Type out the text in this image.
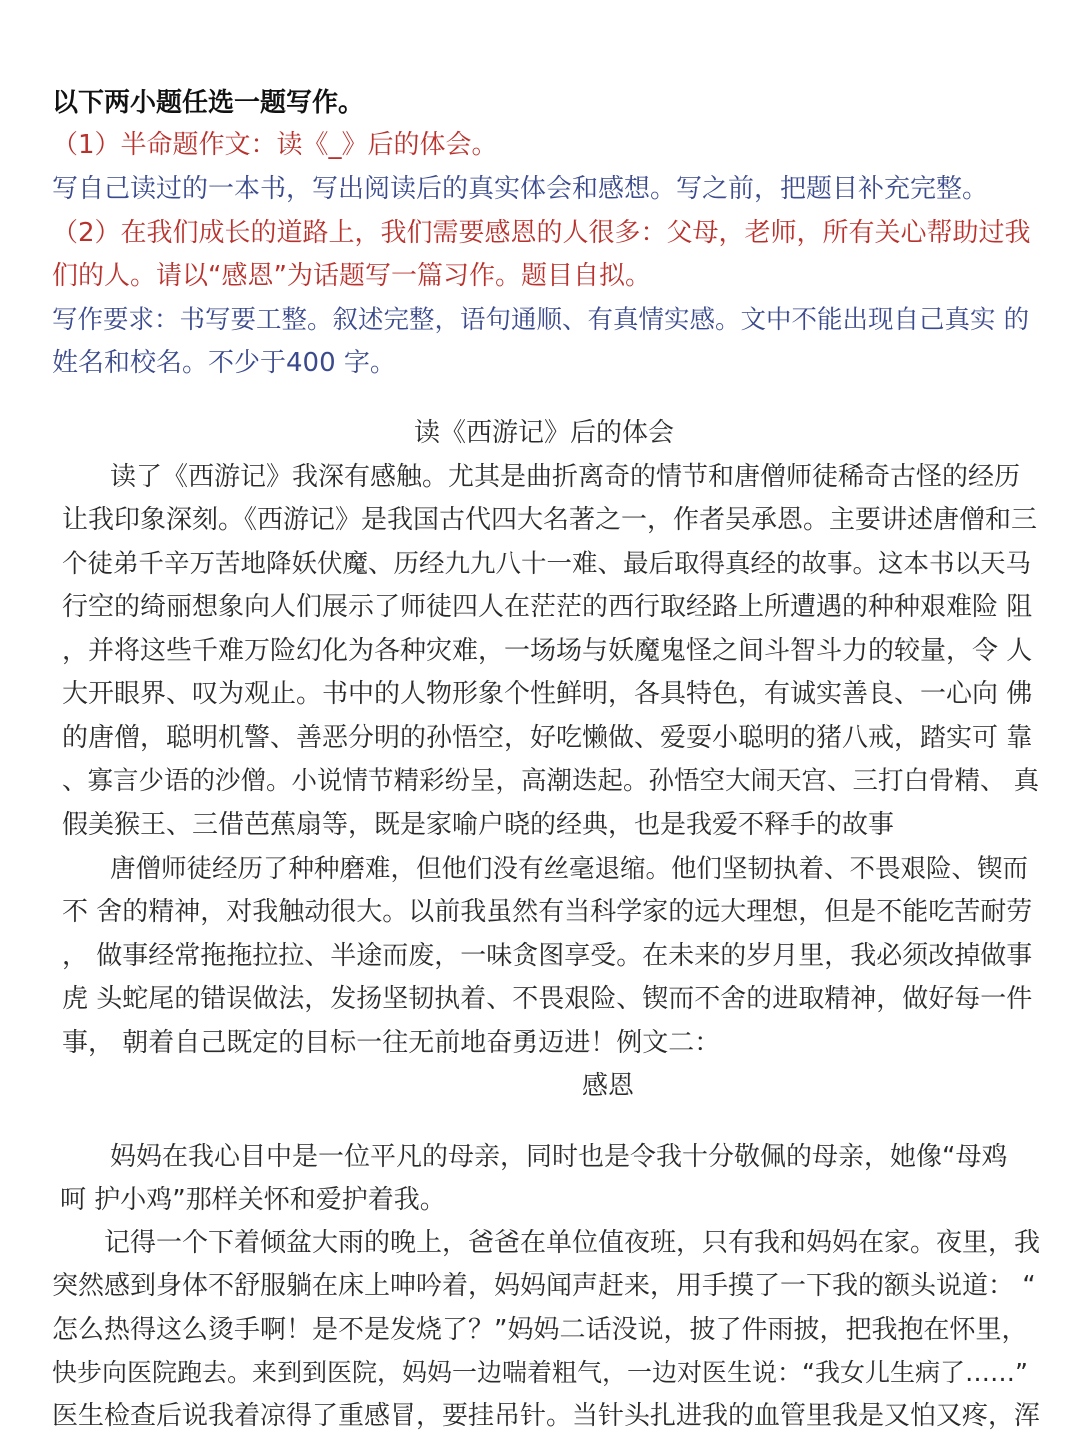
以下两小题任选一题写作。

（1）半命题作文：读《_》后的体会。

写自己读过的一本书，写出阅读后的真实体会和感想。写之前，把题目补充完整。

（2）在我们成长的道路上，我们需要感恩的人很多：父母，老师，所有关心帮助过我

们的人。请以“感恩”为话题写一篇习作。题目自拟。

写作要求：书写要工整。叙述完整，语句通顺、有真情实感。文中不能出现自己真实 的

姓名和校名。不少于400 字。

读《西游记》后的体会

读了《西游记》我深有感触。尤其是曲折离奇的情节和唐僧师徒稀奇古怪的经历

让我印象深刻。《西游记》是我国古代四大名著之一，作者吴承恩。主要讲述唐僧和三

个徒弟千辛万苦地降妖伏魔、历经九九八十一难、最后取得真经的故事。这本书以天马

行空的绮丽想象向人们展示了师徒四人在茫茫的西行取经路上所遭遇的种种艰难险 阻

，并将这些千难万险幻化为各种灾难，一场场与妖魔鬼怪之间斗智斗力的较量，令 人

大开眼界、叹为观止。书中的人物形象个性鲜明，各具特色，有诚实善良、一心向 佛

的唐僧，聪明机警、善恶分明的孙悟空，好吃懒做、爱耍小聪明的猪八戒，踏实可 靠

、寡言少语的沙僧。小说情节精彩纷呈，高潮迭起。孙悟空大闹天宫、三打白骨精、 真

假美猴王、三借芭蕉扇等，既是家喻户晓的经典，也是我爱不释手的故事

唐僧师徒经历了种种磨难，但他们没有丝毫退缩。他们坚韧执着、不畏艰险、锲而

不 舍的精神，对我触动很大。以前我虽然有当科学家的远大理想，但是不能吃苦耐劳

， 做事经常拖拖拉拉、半途而废，一味贪图享受。在未来的岁月里，我必须改掉做事

虎 头蛇尾的错误做法，发扬坚韧执着、不畏艰险、锲而不舍的进取精神，做好每一件

事， 朝着自己既定的目标一往无前地奋勇迈进！例文二：

感恩

妈妈在我心目中是一位平凡的母亲，同时也是令我十分敬佩的母亲，她像“母鸡

呵 护小鸡”那样关怀和爱护着我。

记得一个下着倾盆大雨的晚上，爸爸在单位值夜班，只有我和妈妈在家。夜里，我

突然感到身体不舒服躺在床上呻吟着，妈妈闻声赶来，用手摸了一下我的额头说道： “

怎么热得这么烫手啊！是不是发烧了？”妈妈二话没说，披了件雨披，把我抱在怀里，

快步向医院跑去。来到到医院，妈妈一边喘着粗气，一边对医生说：“我女儿生病了……”

医生检查后说我着凉得了重感冒，要挂吊针。当针头扎进我的血管里我是又怕又疼，浑
